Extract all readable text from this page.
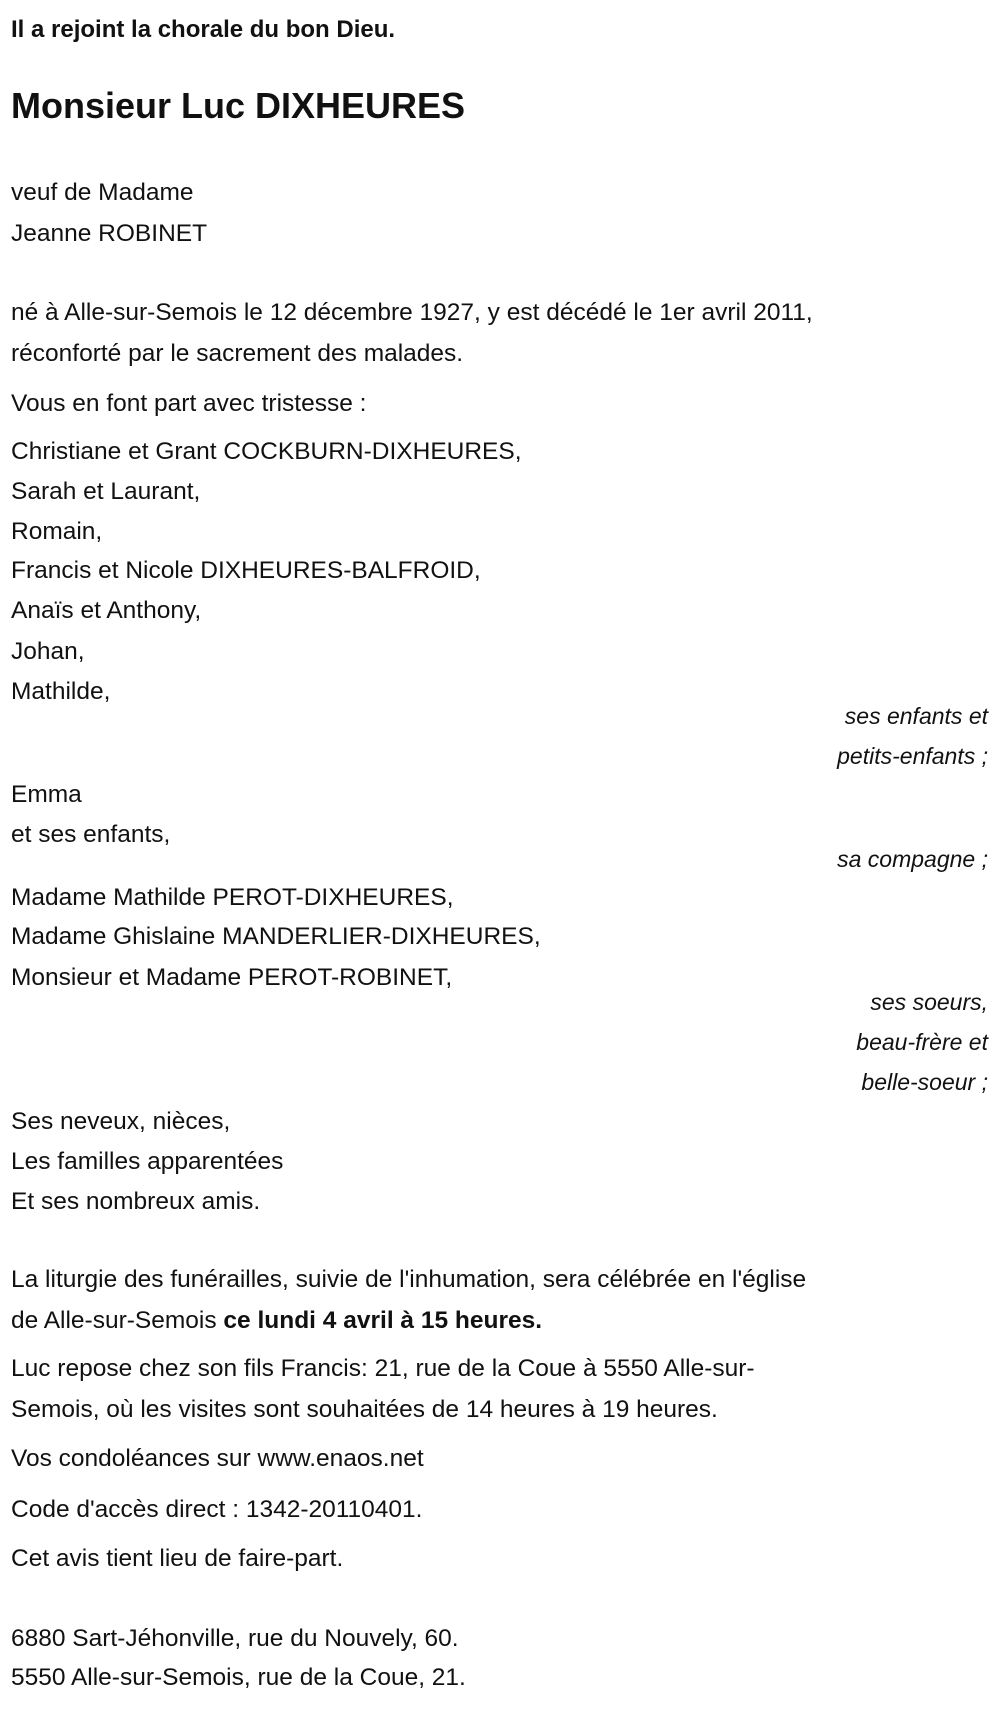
Il a rejoint la chorale du bon Dieu.
Monsieur Luc DIXHEURES
veuf de Madame
Jeanne ROBINET
né à Alle-sur-Semois le 12 décembre 1927, y est décédé le 1er avril 2011,
réconforté par le sacrement des malades.
Vous en font part avec tristesse :
Christiane et Grant COCKBURN-DIXHEURES,
Sarah et Laurant,
Romain,
Francis et Nicole DIXHEURES-BALFROID,
Anaïs et Anthony,
Johan,
Mathilde,
ses enfants et
petits-enfants ;
Emma
et ses enfants,
sa compagne ;
Madame Mathilde PEROT-DIXHEURES,
Madame Ghislaine MANDERLIER-DIXHEURES,
Monsieur et Madame PEROT-ROBINET,
ses soeurs,
beau-frère et
belle-soeur ;
Ses neveux, nièces,
Les familles apparentées
Et ses nombreux amis.
La liturgie des funérailles, suivie de l'inhumation, sera célébrée en l'église
de Alle-sur-Semois ce lundi 4 avril à 15 heures.
Luc repose chez son fils Francis: 21, rue de la Coue à 5550 Alle-sur-
Semois, où les visites sont souhaitées de 14 heures à 19 heures.
Vos condoléances sur www.enaos.net
Code d'accès direct : 1342-20110401.
Cet avis tient lieu de faire-part.
6880 Sart-Jéhonville, rue du Nouvely, 60.
5550 Alle-sur-Semois, rue de la Coue, 21.
